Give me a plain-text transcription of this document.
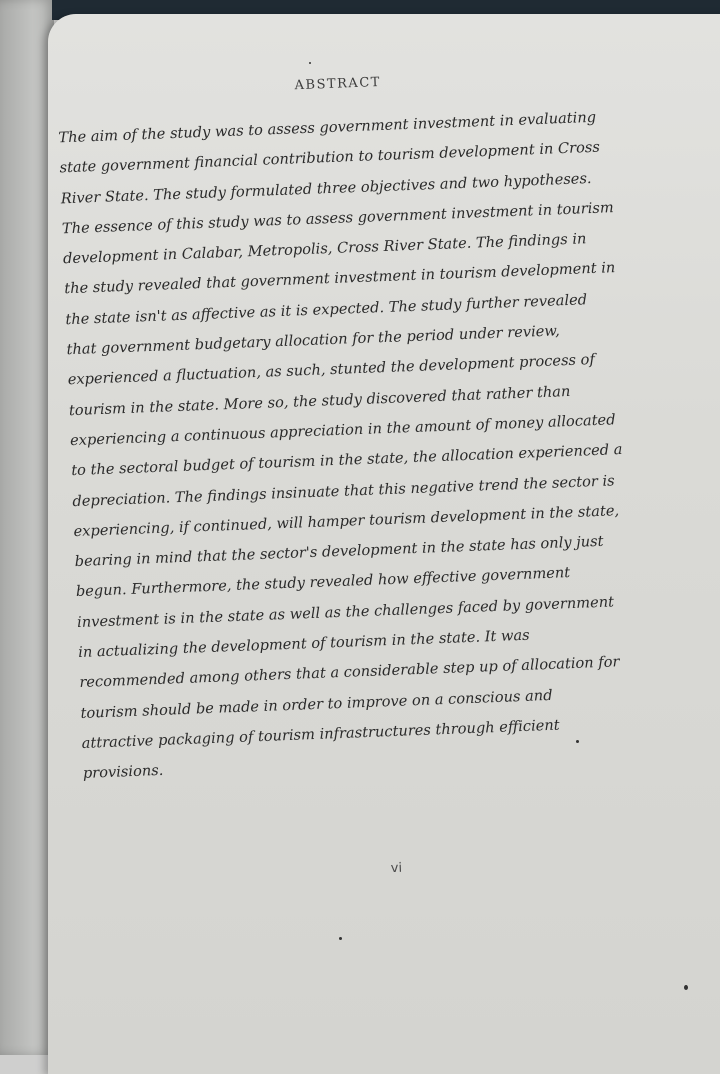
ABSTRACT
The aim of the study was to assess government investment in evaluating
state government financial contribution to tourism development in Cross
River State. The study formulated three objectives and two hypotheses.
The essence of this study was to assess government investment in tourism
development in Calabar, Metropolis, Cross River State. The findings in
the study revealed that government investment in tourism development in
the state isn't as affective as it is expected. The study further revealed
that government budgetary allocation for the period under review,
experienced a fluctuation, as such, stunted the development process of
tourism in the state. More so, the study discovered that rather than
experiencing a continuous appreciation in the amount of money allocated
to the sectoral budget of tourism in the state, the allocation experienced a
depreciation. The findings insinuate that this negative trend the sector is
experiencing, if continued, will hamper tourism development in the state,
bearing in mind that the sector's development in the state has only just
begun. Furthermore, the study revealed how effective government
investment is in the state as well as the challenges faced by government
in actualizing the development of tourism in the state. It was
recommended among others that a considerable step up of allocation for
tourism should be made in order to improve on a conscious and
attractive packaging of tourism infrastructures through efficient
provisions.
vi
